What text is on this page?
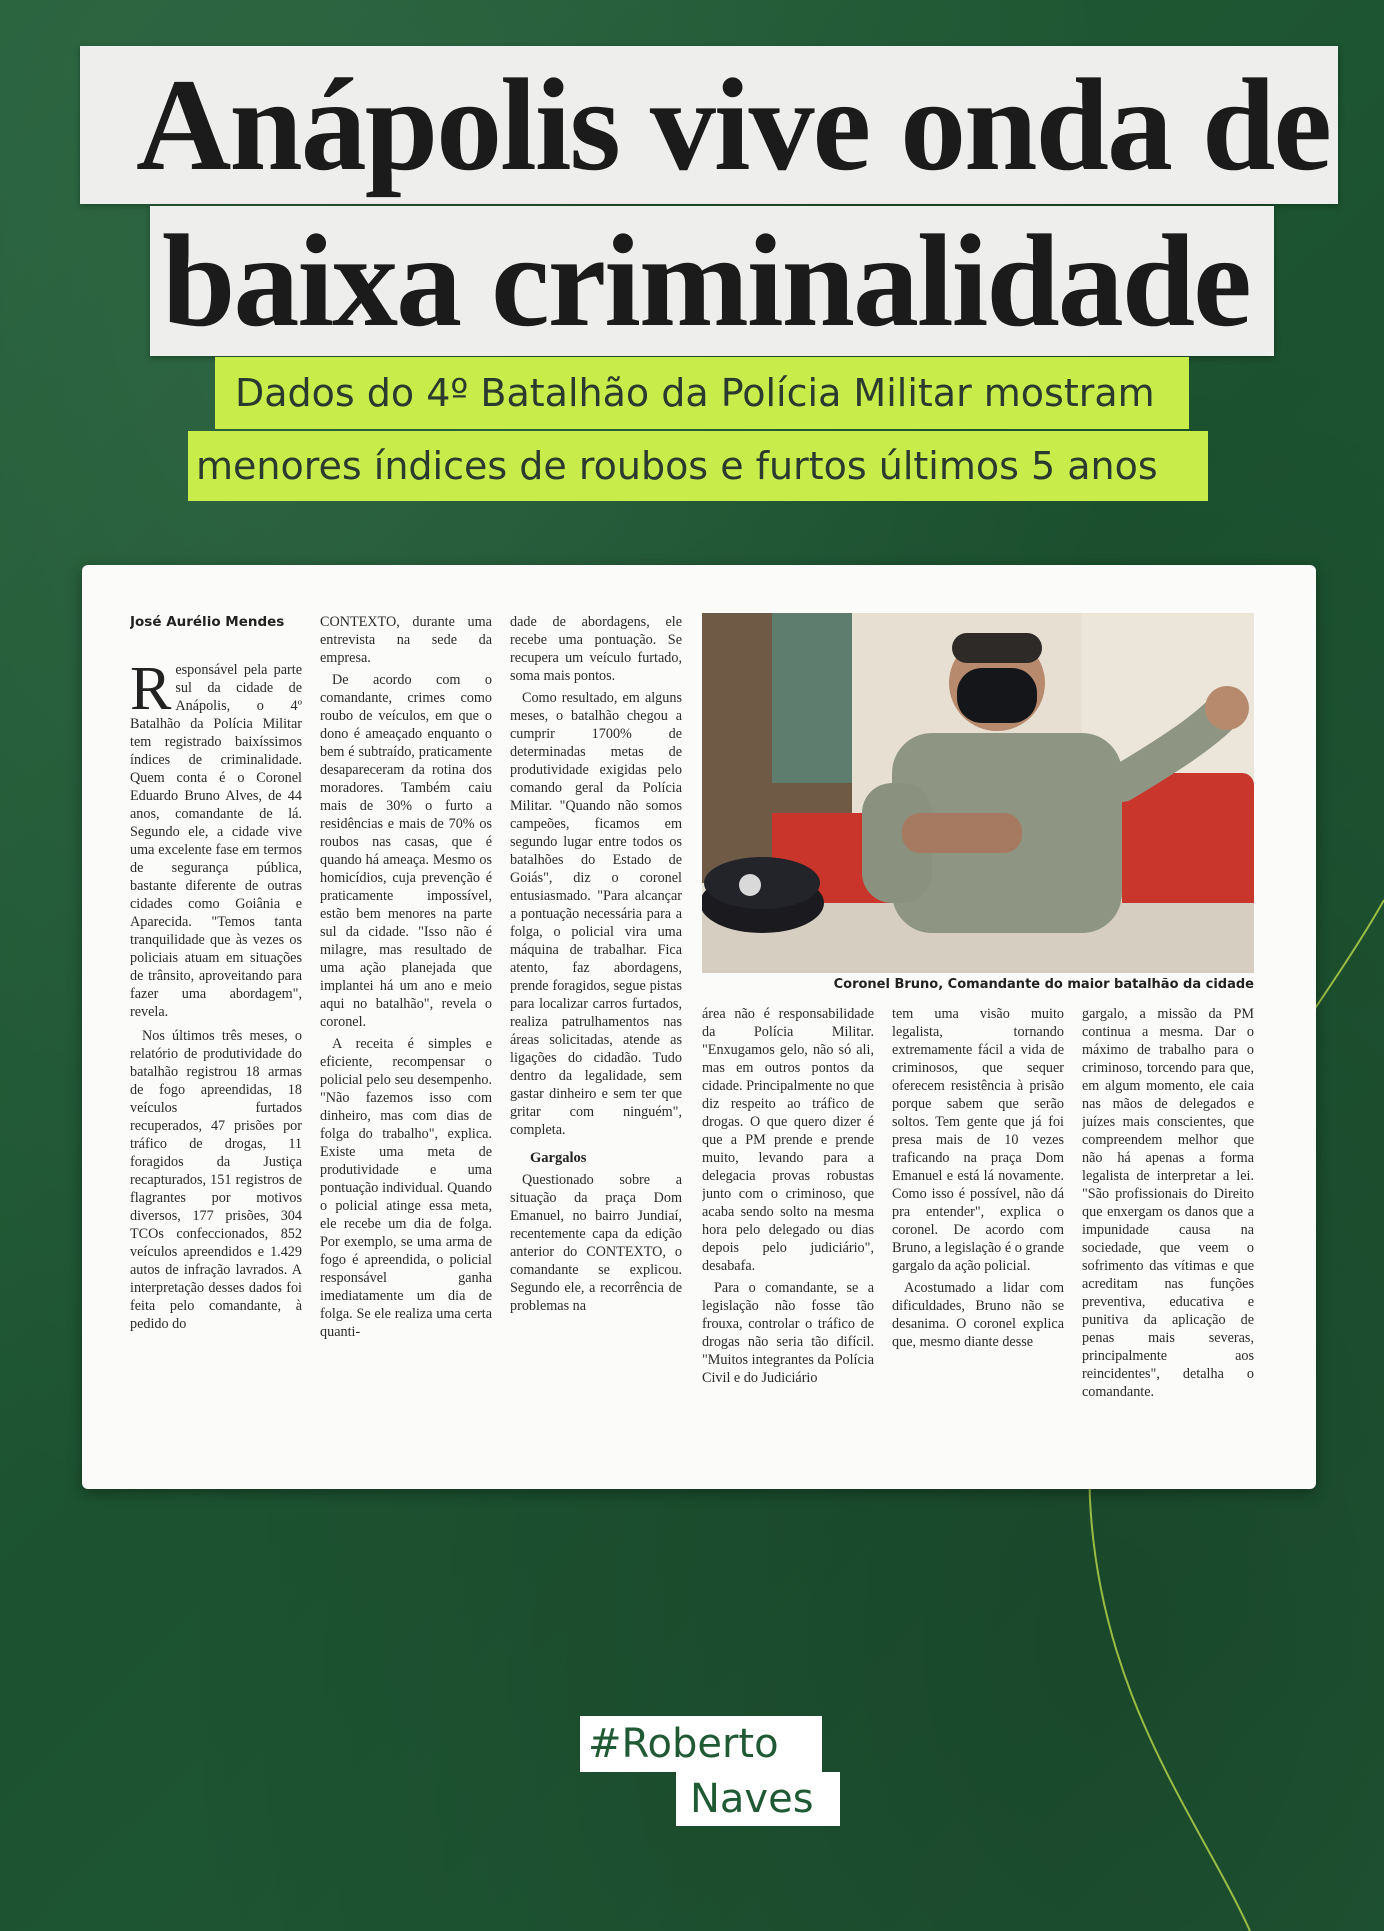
Anápolis vive onda de
baixa criminalidade
Dados do 4º Batalhão da Polícia Militar mostram
menores índices de roubos e furtos últimos 5 anos
José Aurélio Mendes
R esponsável pela parte sul da cidade de Anápolis, o 4º Batalhão da Polícia Militar tem registrado baixíssimos índices de criminalidade. Quem conta é o Coronel Eduardo Bruno Alves, de 44 anos, comandante de lá. Segundo ele, a cidade vive uma excelente fase em termos de segurança pública, bastante diferente de outras cidades como Goiânia e Aparecida. "Temos tanta tranquilidade que às vezes os policiais atuam em situações de trânsito, aproveitando para fazer uma abordagem", revela.

Nos últimos três meses, o relatório de produtividade do batalhão registrou 18 armas de fogo apreendidas, 18 veículos furtados recuperados, 47 prisões por tráfico de drogas, 11 foragidos da Justiça recapturados, 151 registros de flagrantes por motivos diversos, 177 prisões, 304 TCOs confeccionados, 852 veículos apreendidos e 1.429 autos de infração lavrados. A interpretação desses dados foi feita pelo comandante, à pedido do

CONTEXTO, durante uma entrevista na sede da empresa.

De acordo com o comandante, crimes como roubo de veículos, em que o dono é ameaçado enquanto o bem é subtraído, praticamente desapareceram da rotina dos moradores. Também caiu mais de 30% o furto a residências e mais de 70% os roubos nas casas, que é quando há ameaça. Mesmo os homicídios, cuja prevenção é praticamente impossível, estão bem menores na parte sul da cidade. "Isso não é milagre, mas resultado de uma ação planejada que implantei há um ano e meio aqui no batalhão", revela o coronel.

A receita é simples e eficiente, recompensar o policial pelo seu desempenho. "Não fazemos isso com dinheiro, mas com dias de folga do trabalho", explica. Existe uma meta de produtividade e uma pontuação individual. Quando o policial atinge essa meta, ele recebe um dia de folga. Por exemplo, se uma arma de fogo é apreendida, o policial responsável ganha imediatamente um dia de folga. Se ele realiza uma certa quanti-

dade de abordagens, ele recebe uma pontuação. Se recupera um veículo furtado, soma mais pontos.

Como resultado, em alguns meses, o batalhão chegou a cumprir 1700% de determinadas metas de produtividade exigidas pelo comando geral da Polícia Militar. "Quando não somos campeões, ficamos em segundo lugar entre todos os batalhões do Estado de Goiás", diz o coronel entusiasmado. "Para alcançar a pontuação necessária para a folga, o policial vira uma máquina de trabalhar. Fica atento, faz abordagens, prende foragidos, segue pistas para localizar carros furtados, realiza patrulhamentos nas áreas solicitadas, atende as ligações do cidadão. Tudo dentro da legalidade, sem gastar dinheiro e sem ter que gritar com ninguém", completa.

Gargalos

Questionado sobre a situação da praça Dom Emanuel, no bairro Jundiaí, recentemente capa da edição anterior do CONTEXTO, o comandante se explicou. Segundo ele, a recorrência de problemas na

Coronel Bruno, Comandante do maior batalhão da cidade
área não é responsabilidade da Polícia Militar. "Enxugamos gelo, não só ali, mas em outros pontos da cidade. Principalmente no que diz respeito ao tráfico de drogas. O que quero dizer é que a PM prende e prende muito, levando para a delegacia provas robustas junto com o criminoso, que acaba sendo solto na mesma hora pelo delegado ou dias depois pelo judiciário", desabafa.

Para o comandante, se a legislação não fosse tão frouxa, controlar o tráfico de drogas não seria tão difícil. "Muitos integrantes da Polícia Civil e do Judiciário

tem uma visão muito legalista, tornando extremamente fácil a vida de criminosos, que sequer oferecem resistência à prisão porque sabem que serão soltos. Tem gente que já foi presa mais de 10 vezes traficando na praça Dom Emanuel e está lá novamente. Como isso é possível, não dá pra entender", explica o coronel. De acordo com Bruno, a legislação é o grande gargalo da ação policial.

Acostumado a lidar com dificuldades, Bruno não se desanima. O coronel explica que, mesmo diante desse

gargalo, a missão da PM continua a mesma. Dar o máximo de trabalho para o criminoso, torcendo para que, em algum momento, ele caia nas mãos de delegados e juízes mais conscientes, que compreendem melhor que não há apenas a forma legalista de interpretar a lei. "São profissionais do Direito que enxergam os danos que a impunidade causa na sociedade, que veem o sofrimento das vítimas e que acreditam nas funções preventiva, educativa e punitiva da aplicação de penas mais severas, principalmente aos reincidentes", detalha o comandante.
#Roberto
Naves
